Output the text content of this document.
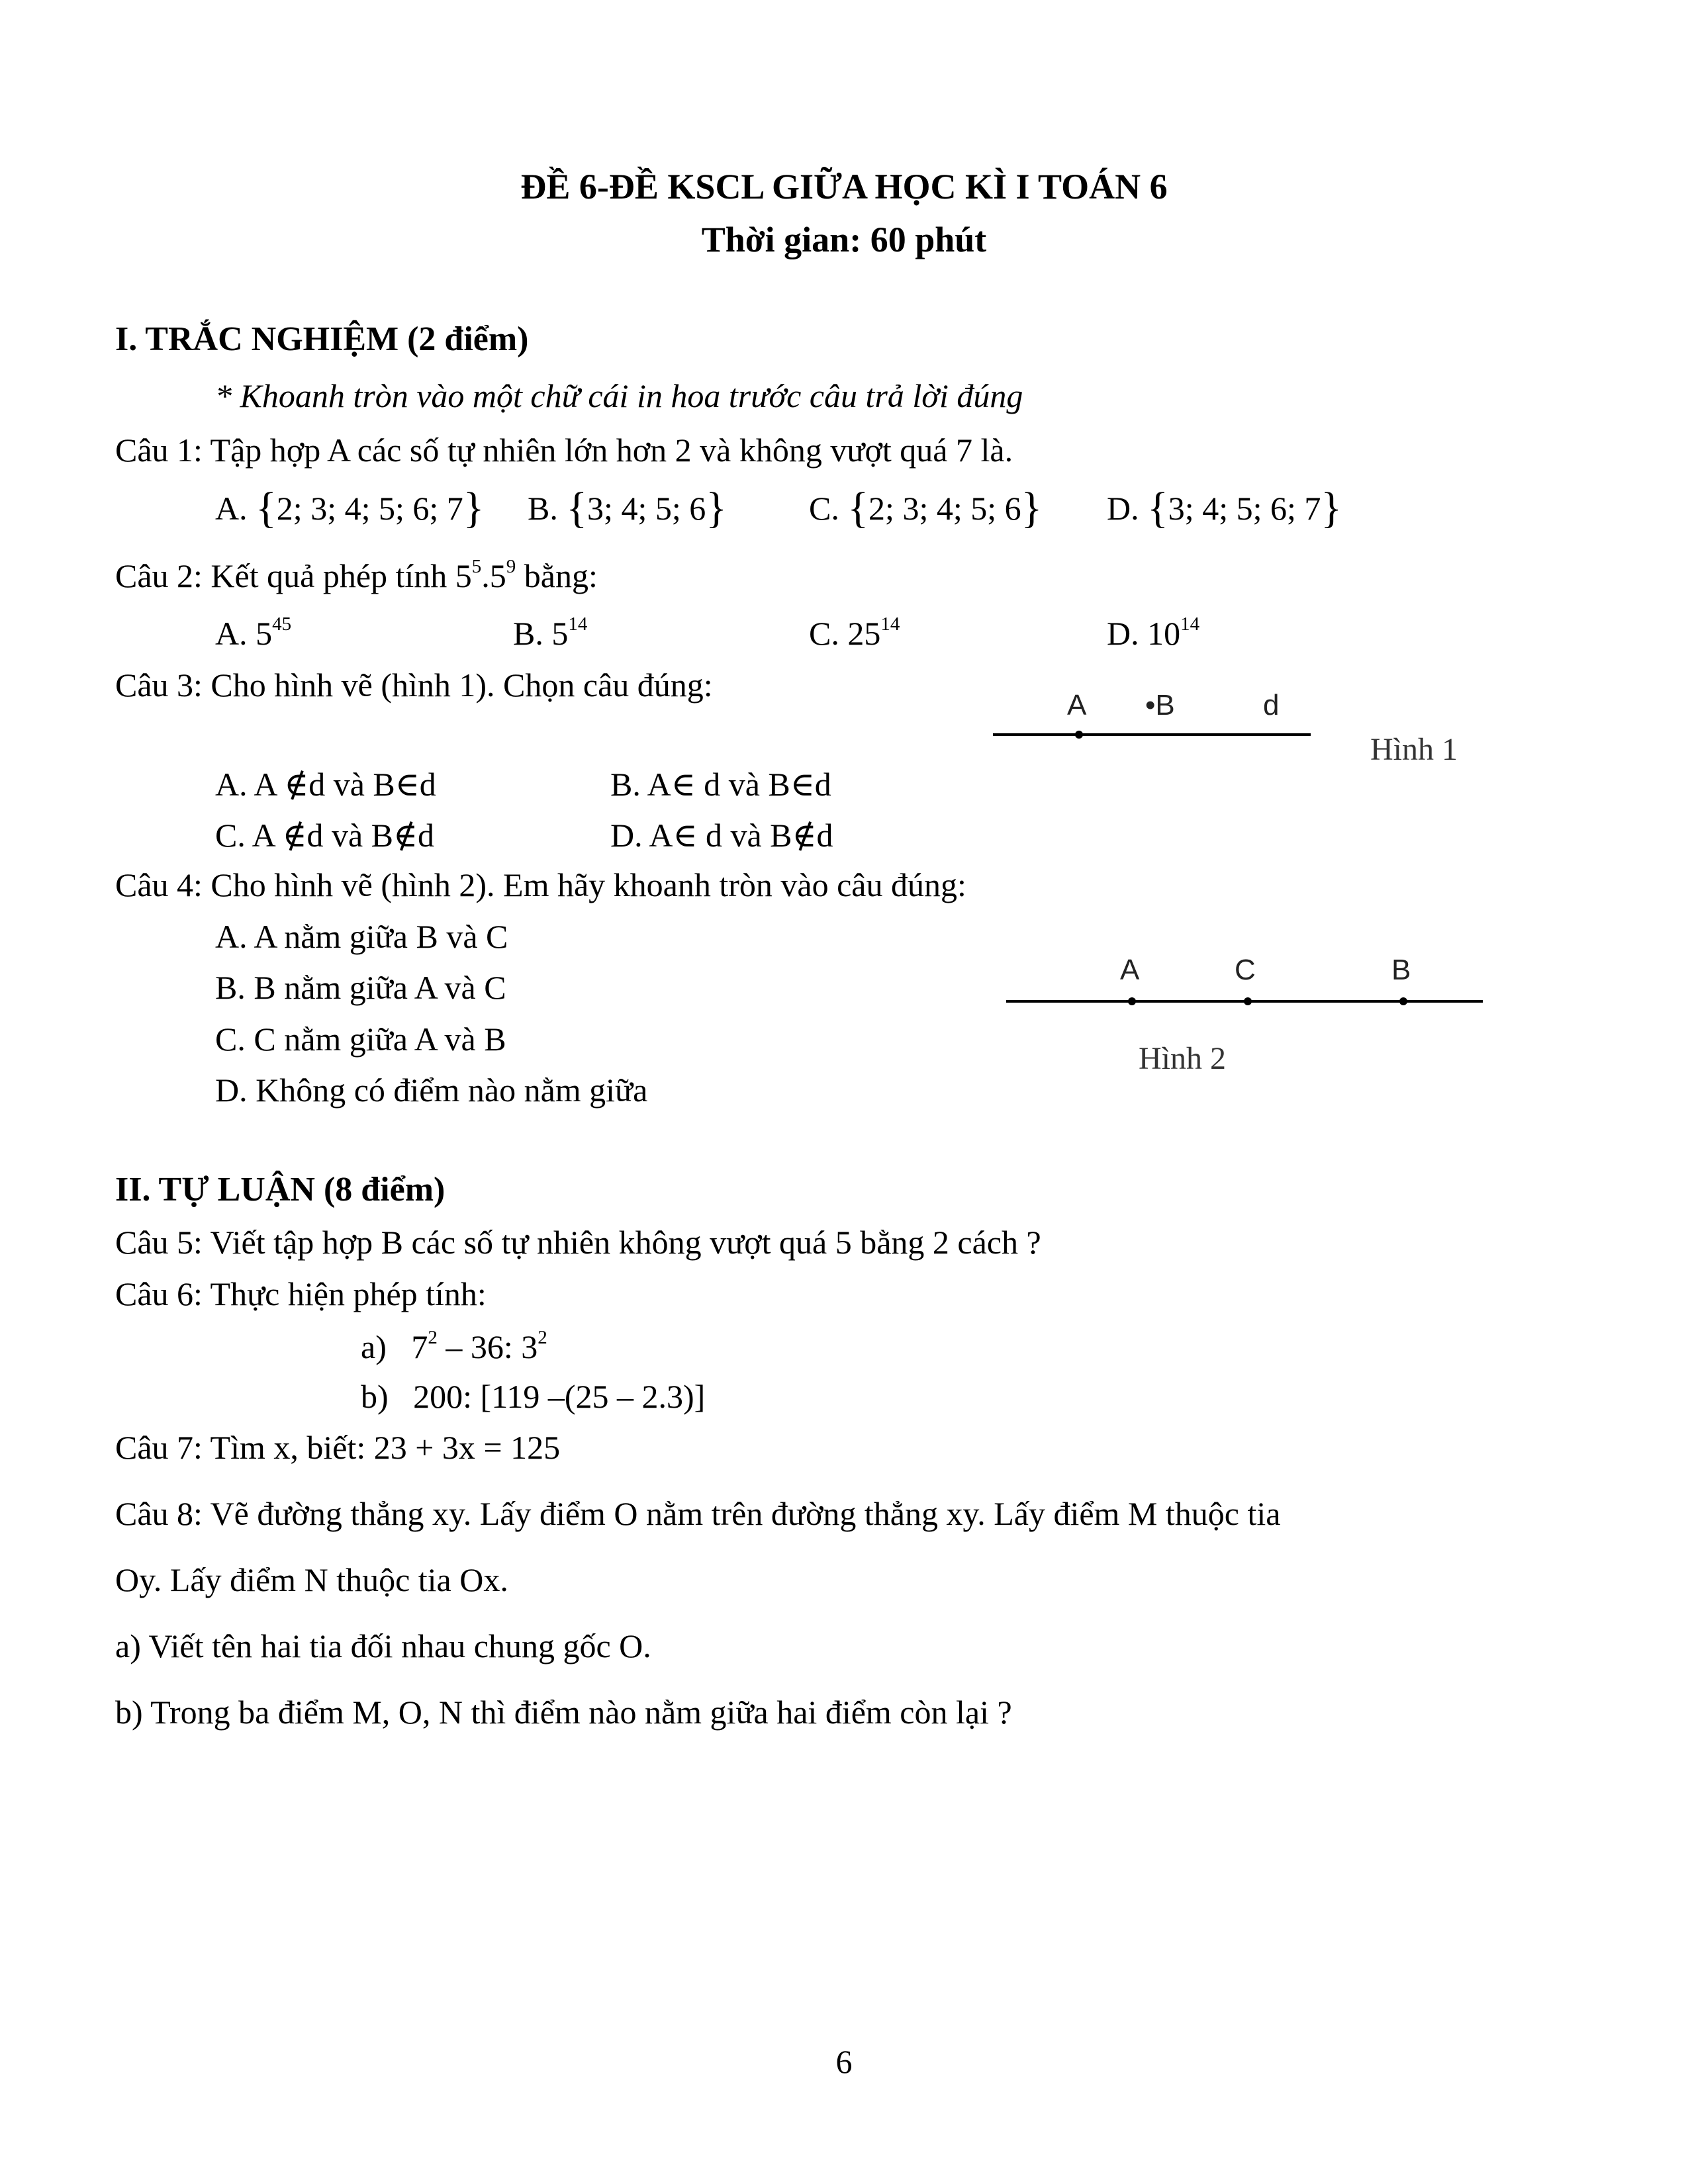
ĐỀ 6-ĐỀ KSCL GIỮA HỌC KÌ I TOÁN 6
Thời gian: 60 phút
I. TRẮC NGHIỆM (2 điểm)
* Khoanh tròn vào một chữ cái in hoa trước câu trả lời đúng
Câu 1: Tập hợp A các số tự nhiên lớn hơn 2 và không vượt quá 7 là.
A. {2; 3; 4; 5; 6; 7} B. {3; 4; 5; 6} C. {2; 3; 4; 5; 6} D. {3; 4; 5; 6; 7}
Câu 2: Kết quả phép tính $5^5.5^9$ bằng:
A. $5^{45}$	B. $5^{14}$	C. $25^{14}$	D. $10^{14}$
Câu 3: Cho hình vẽ (hình 1). Chọn câu đúng:
A •B	d
Hình 1
A. A ∉d và B∈d	B. A∈ d và B∈d
C. A ∉d và B∉d	D. A∈ d và B∉d
Câu 4: Cho hình vẽ (hình 2). Em hãy khoanh tròn vào câu đúng:
A. A nằm giữa B và C
B. B nằm giữa A và C
C. C nằm giữa A và B
D. Không có điểm nào nằm giữa
A	C	B
Hình 2
II. TỰ LUẬN (8 điểm)
Câu 5: Viết tập hợp B các số tự nhiên không vượt quá 5 bằng 2 cách ?
Câu 6: Thực hiện phép tính:
a) $7^2 - 36$: $3^2$
b) 200: [119 –(25 – 2.3)]
Câu 7: Tìm x, biết: 23 + 3x = 125
Câu 8: Vẽ đường thẳng xy. Lấy điểm O nằm trên đường thẳng xy. Lấy điểm M thuộc tia
Oy. Lấy điểm N thuộc tia Ox.
a) Viết tên hai tia đối nhau chung gốc O.
b) Trong ba điểm M, O, N thì điểm nào nằm giữa hai điểm còn lại ?
6
